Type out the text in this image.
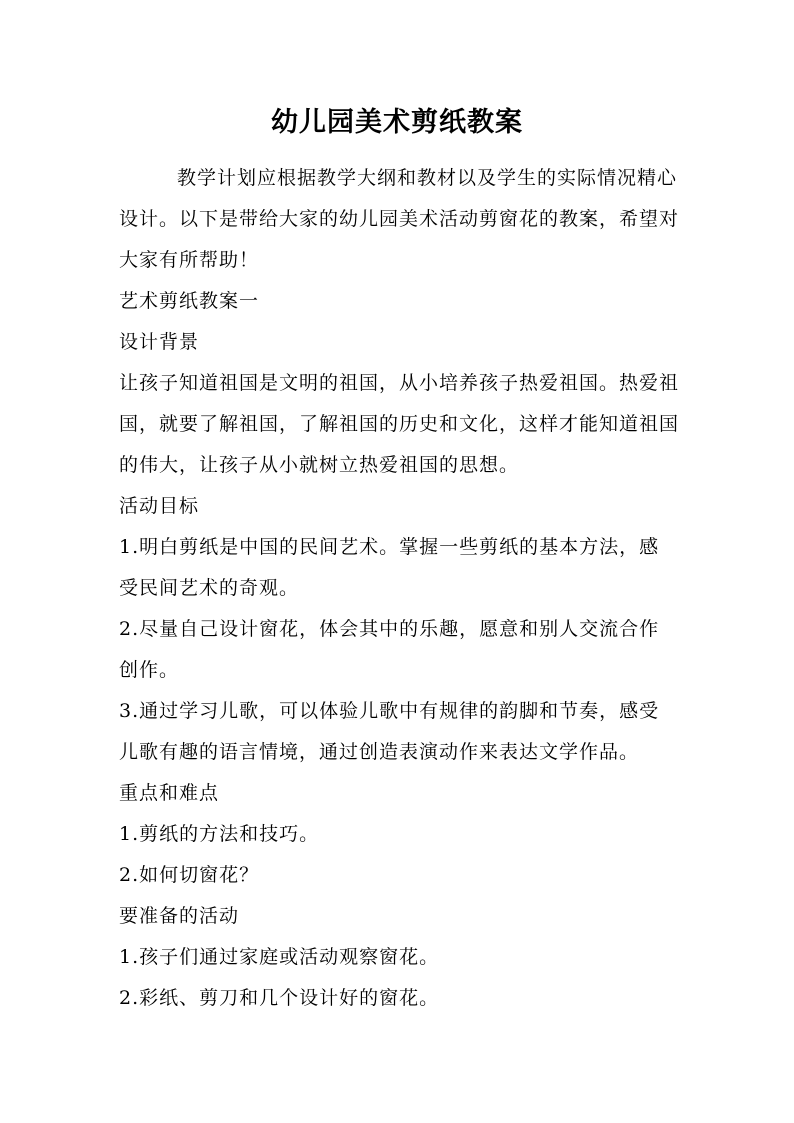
幼儿园美术剪纸教案

教学计划应根据教学大纲和教材以及学生的实际情况精心设计。以下是带给大家的幼儿园美术活动剪窗花的教案，希望对大家有所帮助！

艺术剪纸教案一

设计背景

让孩子知道祖国是文明的祖国，从小培养孩子热爱祖国。热爱祖国，就要了解祖国，了解祖国的历史和文化，这样才能知道祖国的伟大，让孩子从小就树立热爱祖国的思想。

活动目标

1.明白剪纸是中国的民间艺术。掌握一些剪纸的基本方法，感受民间艺术的奇观。

2.尽量自己设计窗花，体会其中的乐趣，愿意和别人交流合作创作。

3.通过学习儿歌，可以体验儿歌中有规律的韵脚和节奏，感受儿歌有趣的语言情境，通过创造表演动作来表达文学作品。

重点和难点

1.剪纸的方法和技巧。

2.如何切窗花？

要准备的活动

1.孩子们通过家庭或活动观察窗花。

2.彩纸、剪刀和几个设计好的窗花。
